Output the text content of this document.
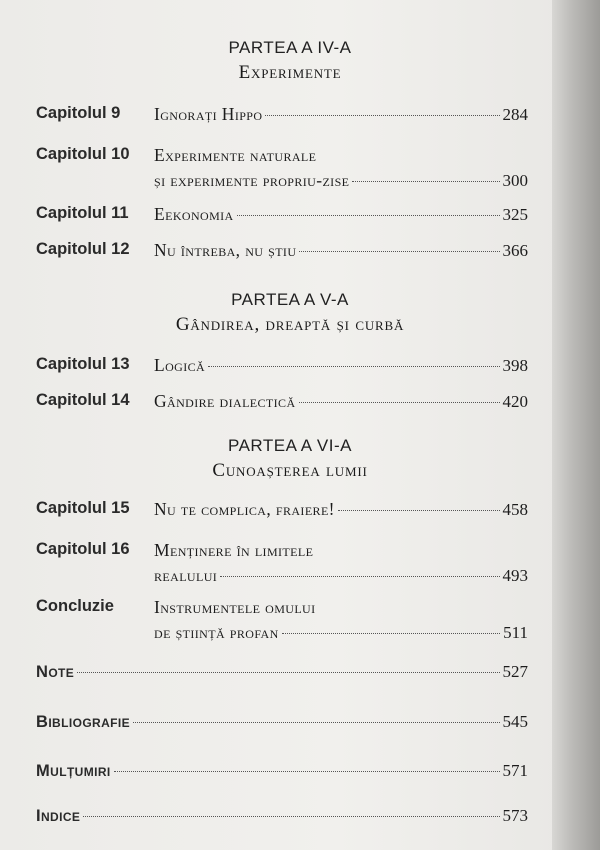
PARTEA A IV-A
Experimente
Capitolul 9 Ignorați Hippo	284
Capitolul 10 Experimente naturale
și experimente propriu-zise	300
Capitolul 11 Eekonomia	325
Capitolul 12 Nu întreba, nu știu	366
PARTEA A V-A
Gândirea, dreaptă și curbă
Capitolul 13 Logică	398
Capitolul 14 Gândire dialectică	420
PARTEA A VI-A
Cunoașterea lumii
Capitolul 15 Nu te complica, fraiere!	458
Capitolul 16 Menținere în limitele
realului	493
Concluzie Instrumentele omului
de știință profan	511
Note	527
Bibliografie	545
Mulțumiri	571
Indice	573
